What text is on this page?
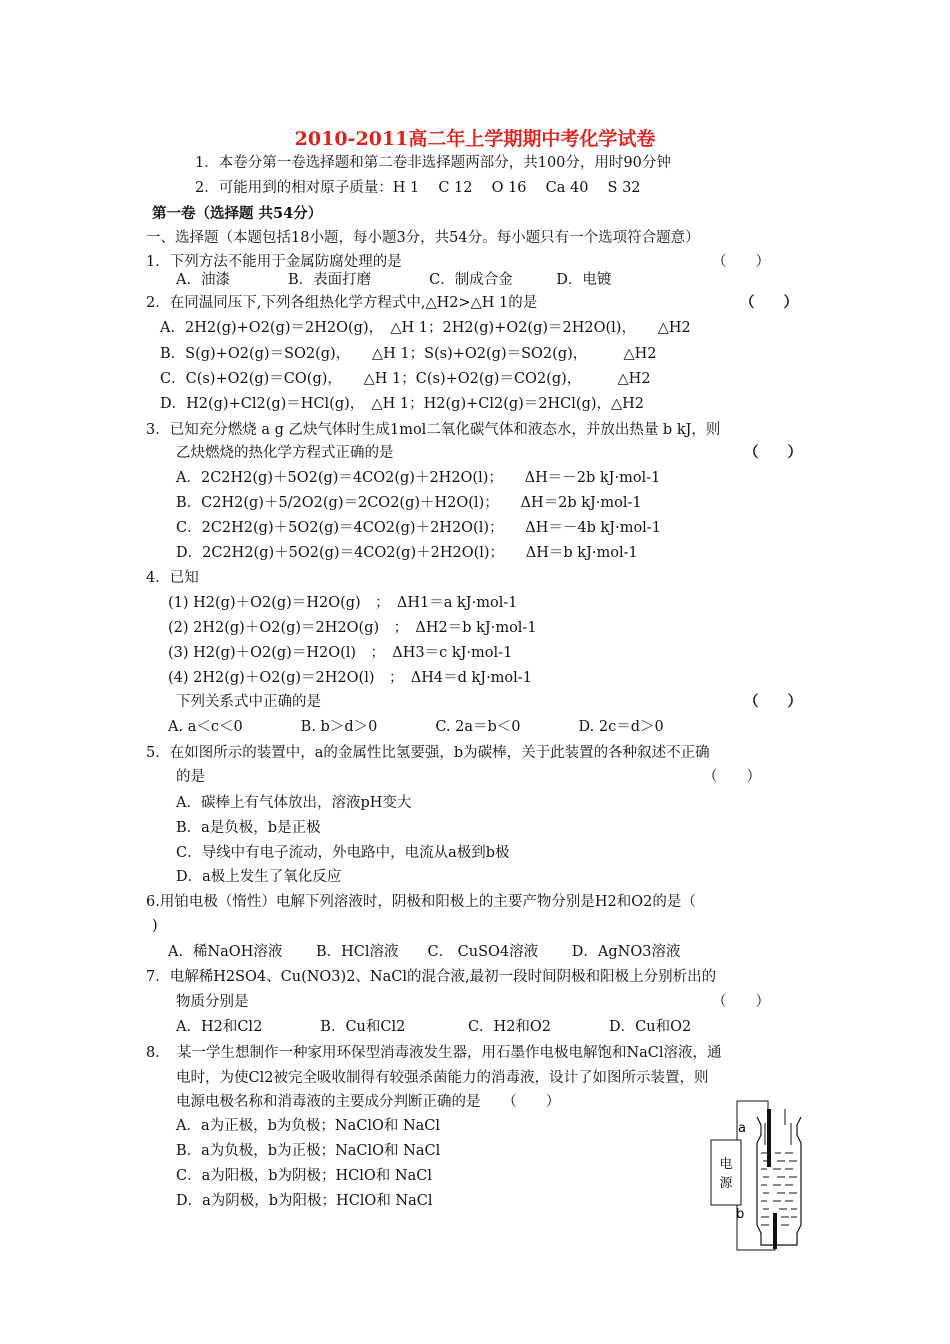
2010-2011高二年上学期期中考化学试卷
1．本卷分第一卷选择题和第二卷非选择题两部分，共100分，用时90分钟
2．可能用到的相对原子质量：H 1　 C 12　 O 16　 Ca 40　 S 32
第一卷（选择题 共54分）
一、选择题（本题包括18小题，每小题3分，共54分。每小题只有一个选项符合题意）
1．下列方法不能用于金属防腐处理的是	（　　）
A．油漆　　　　B．表面打磨　　　　C．制成合金　　　D．电镀
2．在同温同压下,下列各组热化学方程式中,△H2>△H 1的是	（　　）
A．2H2(g)+O2(g)＝2H2O(g)，　△H 1；2H2(g)+O2(g)＝2H2O(l)，　　△H2
B．S(g)+O2(g)＝SO2(g)，　　△H 1；S(s)+O2(g)＝SO2(g)，　　　△H2
C．C(s)+O2(g)＝CO(g)，　　△H 1；C(s)+O2(g)＝CO2(g)，　　　△H2
D．H2(g)+Cl2(g)＝HCl(g)，　△H 1；H2(g)+Cl2(g)＝2HCl(g)，△H2
3．已知充分燃烧 a g 乙炔气体时生成1mol二氧化碳气体和液态水，并放出热量 b kJ，则
乙炔燃烧的热化学方程式正确的是	（　　）
A．2C2H2(g)＋5O2(g)＝4CO2(g)＋2H2O(l)；　　ΔH＝－2b kJ·mol-1
B．C2H2(g)＋5/2O2(g)＝2CO2(g)＋H2O(l)；　　ΔH＝2b kJ·mol-1
C．2C2H2(g)＋5O2(g)＝4CO2(g)＋2H2O(l)；　　ΔH＝－4b kJ·mol-1
D．2C2H2(g)＋5O2(g)＝4CO2(g)＋2H2O(l)；　　ΔH＝b kJ·mol-1
4．已知
(1) H2(g)＋O2(g)＝H2O(g)　；　ΔH1＝a kJ·mol-1
(2) 2H2(g)＋O2(g)＝2H2O(g)　；　ΔH2＝b kJ·mol-1
(3) H2(g)＋O2(g)＝H2O(l)　；　ΔH3＝c kJ·mol-1
(4) 2H2(g)＋O2(g)＝2H2O(l)　；　ΔH4＝d kJ·mol-1
下列关系式中正确的是	（　　）
A. a＜c＜0　　　　B. b＞d＞0　　　　C. 2a＝b＜0　　　　D. 2c＝d＞0
5．在如图所示的装置中，a的金属性比氢要强，b为碳棒，关于此装置的各种叙述不正确
的是	（　　）
A．碳棒上有气体放出，溶液pH变大
B．a是负极，b是正极
C．导线中有电子流动，外电路中，电流从a极到b极
D．a极上发生了氧化反应
6.用铂电极（惰性）电解下列溶液时，阴极和阳极上的主要产物分别是H2和O2的是（
)
A．稀NaOH溶液　　 B．HCl溶液　　C． CuSO4溶液　　 D．AgNO3溶液
7．电解稀H2SO4、Cu(NO3)2、NaCl的混合液,最初一段时间阴极和阳极上分别析出的
物质分别是	（　　）
A．H2和Cl2　　　　B．Cu和Cl2　　　　 C．H2和O2　　　　D．Cu和O2
8．　某一学生想制作一种家用环保型消毒液发生器，用石墨作电极电解饱和NaCl溶液，通
电时，为使Cl2被完全吸收制得有较强杀菌能力的消毒液，设计了如图所示装置，则
电源电极名称和消毒液的主要成分判断正确的是　　（　　）
A．a为正极，b为负极；NaClO和 NaCl
B．a为负极，b为正极；NaClO和 NaCl
C．a为阳极，b为阴极；HClO和 NaCl
D．a为阴极，b为阳极；HClO和 NaCl
电
源
a
b
